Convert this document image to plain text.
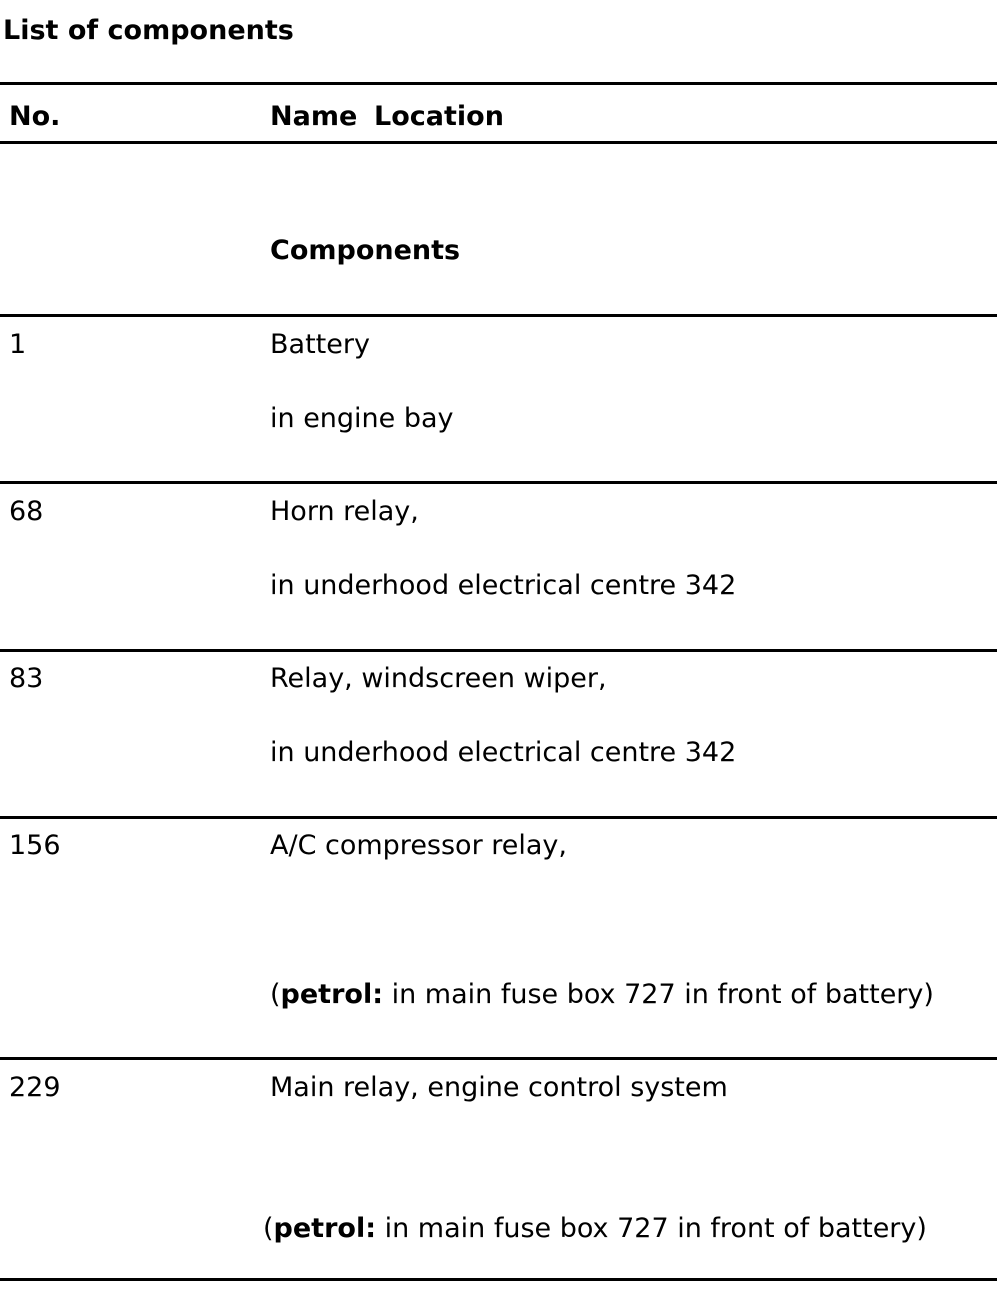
List of components
No.	Name Location
Components
1	Battery
in engine bay
68	Horn relay,
in underhood electrical centre 342
83	Relay, windscreen wiper,
in underhood electrical centre 342
156	A/C compressor relay,
(petrol: in main fuse box 727 in front of battery)
229	Main relay, engine control system
(petrol: in main fuse box 727 in front of battery)
